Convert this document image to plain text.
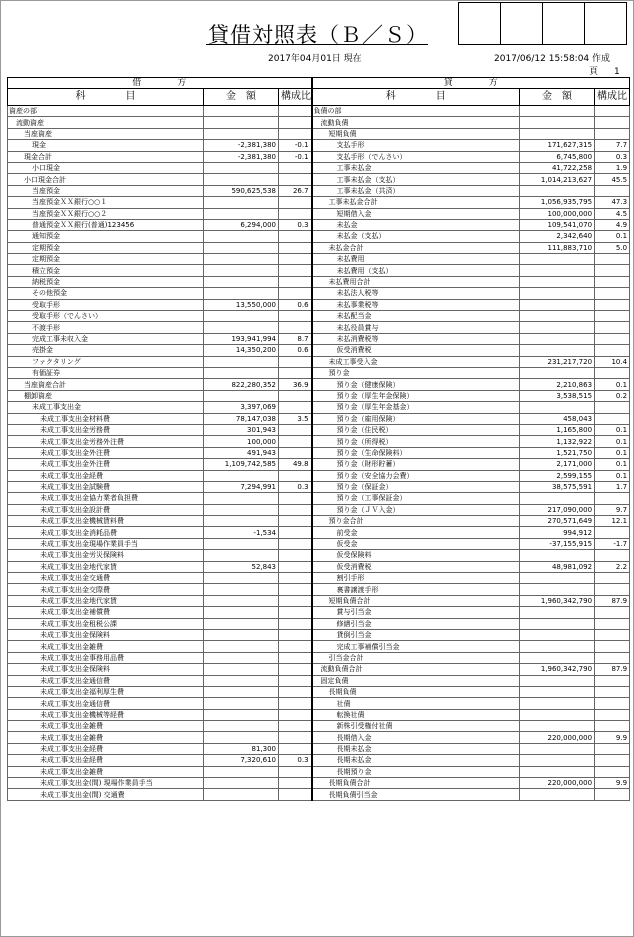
貸借対照表（Ｂ／Ｓ）
2017年04月01日 現在	2017/06/12 15:58:04 作成
頁 1
借　　　　方			貸　　　　方		
科　　　　目	金　額	構成比	科　　　　目	金　額	構成比
資産の部			負債の部		
流動資産			流動負債		
当座資産			短期負債		
現金	-2,381,380	-0.1	支払手形	171,627,315	7.7
現金合計	-2,381,380	-0.1	支払手形（でんさい）	6,745,800	0.3
小口現金			工事未払金	41,722,258	1.9
小口現金合計			工事未払金（支払）	1,014,213,627	45.5
当座預金	590,625,538	26.7	工事未払金（共済）		
当座預金ＸＸ銀行○○１			工事未払金合計	1,056,935,795	47.3
当座預金ＸＸ銀行○○２			短期借入金	100,000,000	4.5
普通預金ＸＸ銀行(普通)123456	6,294,000	0.3	未払金	109,541,070	4.9
通知預金			未払金（支払）	2,342,640	0.1
定期預金			未払金合計	111,883,710	5.0
定期預金			未払費用		
積立預金			未払費用（支払）		
納税預金			未払費用合計		
その他預金			未払法人税等		
受取手形	13,550,000	0.6	未払事業税等		
受取手形（でんさい）			未払配当金		
不渡手形			未払役員賞与		
完成工事未収入金	193,941,994	8.7	未払消費税等		
売掛金	14,350,200	0.6	仮受消費税		
ファクタリング			未成工事受入金	231,217,720	10.4
有価証券			預り金		
当座資産合計	822,280,352	36.9	預り金（健康保険）	2,210,863	0.1
棚卸資産			預り金（厚生年金保険）	3,538,515	0.2
未成工事支出金	3,397,069		預り金（厚生年金基金）		
未成工事支出金材料費	78,147,038	3.5	預り金（雇用保険）	458,043	
未成工事支出金労務費	301,943		預り金（住民税）	1,165,800	0.1
未成工事支出金労務外注費	100,000		預り金（所得税）	1,132,922	0.1
未成工事支出金外注費	491,943		預り金（生命保険料）	1,521,750	0.1
未成工事支出金外注費	1,109,742,585	49.8	預り金（財形貯蓄）	2,171,000	0.1
未成工事支出金経費			預り金（安全協力会費）	2,599,155	0.1
未成工事支出金試験費	7,294,991	0.3	預り金（保証金）	38,575,591	1.7
未成工事支出金協力業者負担費			預り金（工事保証金）		
未成工事支出金設計費			預り金（ＪＶ入金）	217,090,000	9.7
未成工事支出金機械賃料費			預り金合計	270,571,649	12.1
未成工事支出金消耗品費	-1,534		前受金	994,912	
未成工事支出金現場作業員手当			仮受金	-37,155,915	-1.7
未成工事支出金労災保険料			仮受保険料		
未成工事支出金地代家賃	52,843		仮受消費税	48,981,092	2.2
未成工事支出金交通費			割引手形		
未成工事支出金交際費			裏書譲渡手形		
未成工事支出金地代家賃			短期負債合計	1,960,342,790	87.9
未成工事支出金補償費			賞与引当金		
未成工事支出金租税公課			修繕引当金		
未成工事支出金保険料			貸倒引当金		
未成工事支出金雑費			完成工事補償引当金		
未成工事支出金事務用品費			引当金合計		
未成工事支出金保険料			流動負債合計	1,960,342,790	87.9
未成工事支出金通信費			固定負債		
未成工事支出金福利厚生費			長期負債		
未成工事支出金通信費			社債		
未成工事支出金機械等経費			転換社債		
未成工事支出金雑費			新株引受権付社債		
未成工事支出金雑費			長期借入金	220,000,000	9.9
未成工事支出金経費	81,300		長期未払金		
未成工事支出金経費	7,320,610	0.3	長期未払金		
未成工事支出金雑費			長期預り金		
未成工事支出金(間) 現場作業員手当			長期負債合計	220,000,000	9.9
未成工事支出金(間) 交通費			長期負債引当金		
